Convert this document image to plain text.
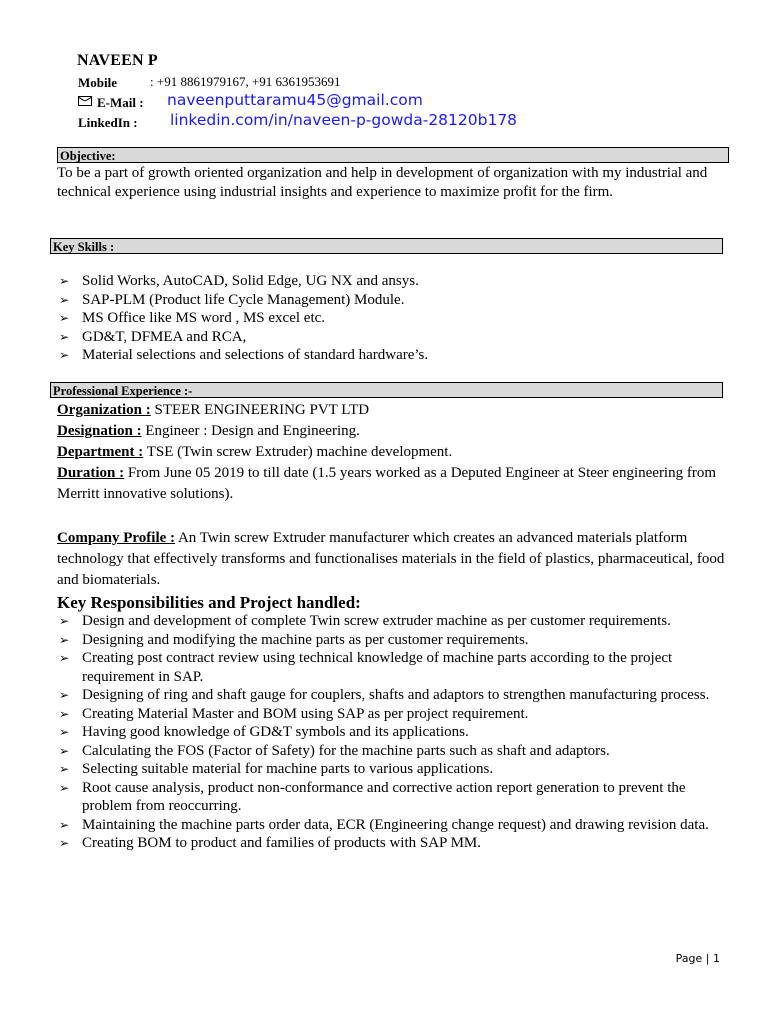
NAVEEN P
Mobile	: +91 8861979167, +91 6361953691
E-Mail : naveenputtaramu45@gmail.com
LinkedIn : linkedin.com/in/naveen-p-gowda-28120b178
Objective:
To be a part of growth oriented organization and help in development of organization with my industrial and technical experience using industrial insights and experience to maximize profit for the firm.
Key Skills :
➢ Solid Works, AutoCAD, Solid Edge, UG NX and ansys.
➢ SAP-PLM (Product life Cycle Management) Module.
➢ MS Office like MS word , MS excel etc.
➢ GD&T, DFMEA and RCA,
➢ Material selections and selections of standard hardware’s.
Professional Experience :-
Organization : STEER ENGINEERING PVT LTD
Designation : Engineer : Design and Engineering.
Department : TSE (Twin screw Extruder) machine development.
Duration : From June 05 2019 to till date (1.5 years worked as a Deputed Engineer at Steer engineering from Merritt innovative solutions).
Company Profile : An Twin screw Extruder manufacturer which creates an advanced materials platform technology that effectively transforms and functionalises materials in the field of plastics, pharmaceutical, food and biomaterials.
Key Responsibilities and Project handled:
➢ Design and development of complete Twin screw extruder machine as per customer requirements.
➢ Designing and modifying the machine parts as per customer requirements.
➢ Creating post contract review using technical knowledge of machine parts according to the project requirement in SAP.
➢ Designing of ring and shaft gauge for couplers, shafts and adaptors to strengthen manufacturing process.
➢ Creating Material Master and BOM using SAP as per project requirement.
➢ Having good knowledge of GD&T symbols and its applications.
➢ Calculating the FOS (Factor of Safety) for the machine parts such as shaft and adaptors.
➢ Selecting suitable material for machine parts to various applications.
➢ Root cause analysis, product non-conformance and corrective action report generation to prevent the problem from reoccurring.
➢ Maintaining the machine parts order data, ECR (Engineering change request) and drawing revision data.
➢ Creating BOM to product and families of products with SAP MM.
Page | 1
